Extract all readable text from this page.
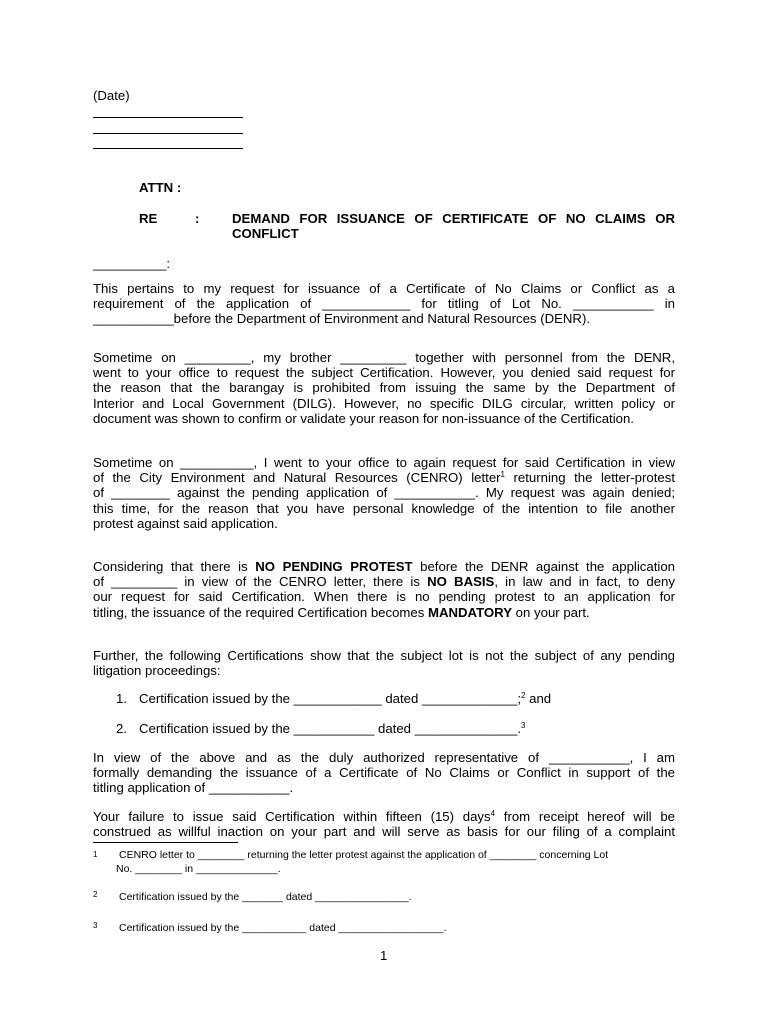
(Date)
ATTN :
RE	: DEMAND FOR ISSUANCE OF CERTIFICATE OF NO CLAIMS OR
CONFLICT
__________:
This pertains to my request for issuance of a Certificate of No Claims or Conflict as a
requirement of the application of ____________ for titling of Lot No. ___________ in
___________before the Department of Environment and Natural Resources (DENR).
Sometime on _________, my brother _________ together with personnel from the DENR,
went to your office to request the subject Certification. However, you denied said request for
the reason that the barangay is prohibited from issuing the same by the Department of
Interior and Local Government (DILG). However, no specific DILG circular, written policy or
document was shown to confirm or validate your reason for non-issuance of the Certification.
Sometime on __________, I went to your office to again request for said Certification in view
of the City Environment and Natural Resources (CENRO) letter$^1$ returning the letter-protest
of ________ against the pending application of ___________. My request was again denied;
this time, for the reason that you have personal knowledge of the intention to file another
protest against said application.
Considering that there is NO PENDING PROTEST before the DENR against the application
of _________ in view of the CENRO letter, there is NO BASIS, in law and in fact, to deny
our request for said Certification. When there is no pending protest to an application for
titling, the issuance of the required Certification becomes MANDATORY on your part.
Further, the following Certifications show that the subject lot is not the subject of any pending
litigation proceedings:
1. Certification issued by the ____________ dated _____________;$^2$ and
2. Certification issued by the ___________ dated ______________.$^3$
In view of the above and as the duly authorized representative of ___________, I am
formally demanding the issuance of a Certificate of No Claims or Conflict in support of the
titling application of ___________.
Your failure to issue said Certification within fifteen (15) days$^4$ from receipt hereof will be
construed as willful inaction on your part and will serve as basis for our filing of a complaint
1 CENRO letter to ________ returning the letter protest against the application of ________ concerning Lot
No. ________ in ______________.
2 Certification issued by the _______ dated ________________.
3 Certification issued by the ___________ dated __________________.
1
